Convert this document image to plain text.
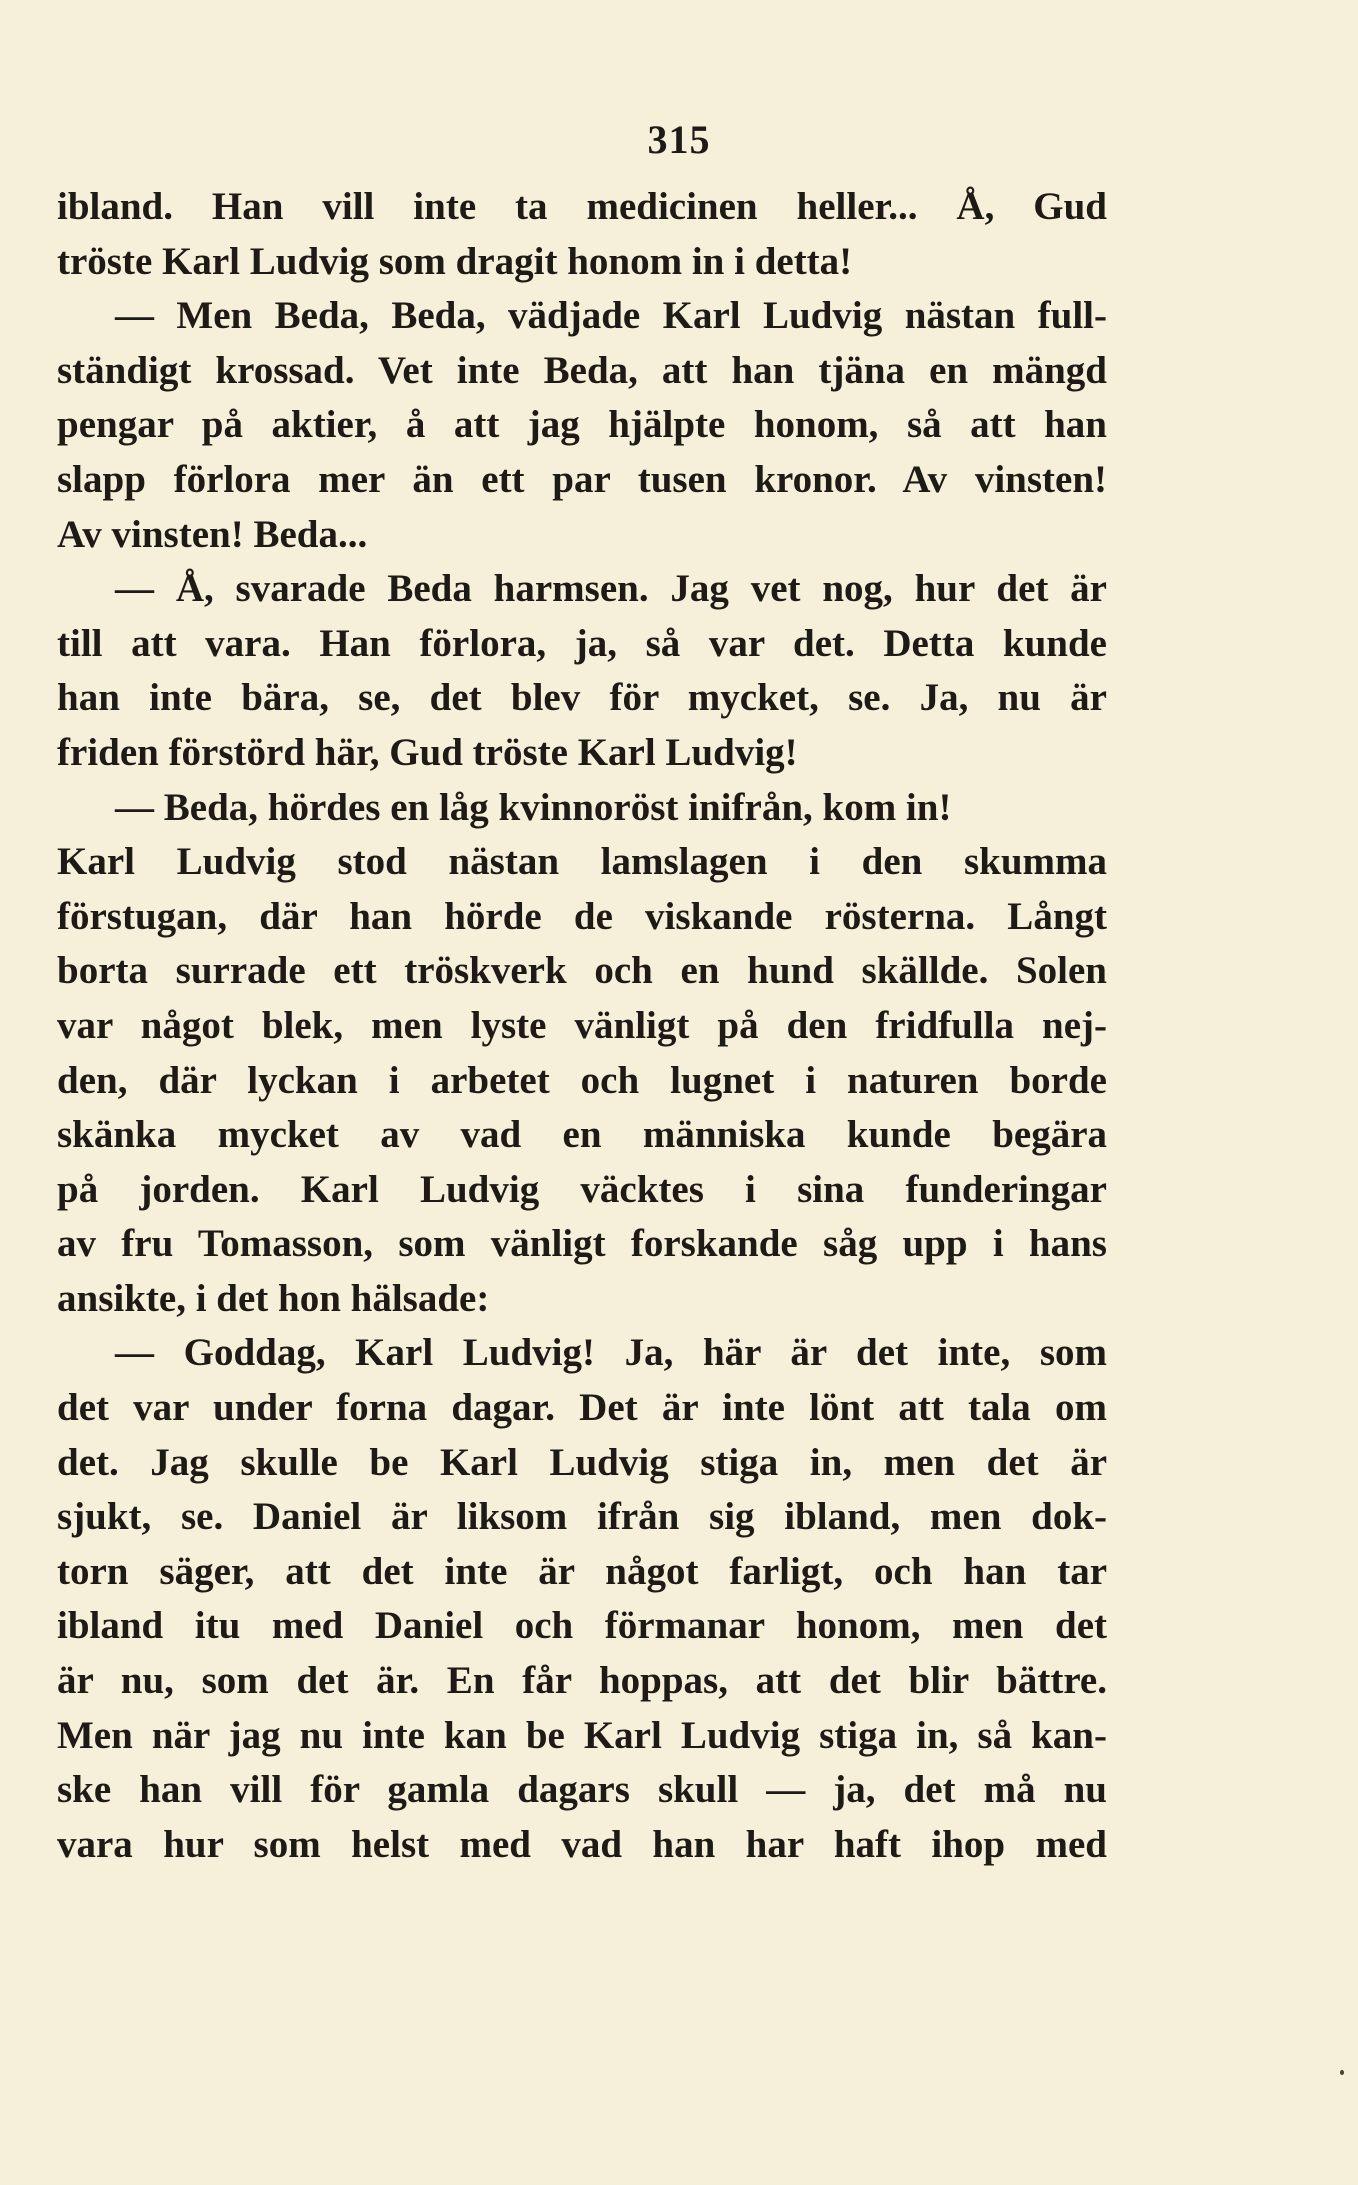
315
ibland. Han vill inte ta medicinen heller... Å, Gud
tröste Karl Ludvig som dragit honom in i detta!
— Men Beda, Beda, vädjade Karl Ludvig nästan full-
ständigt krossad. Vet inte Beda, att han tjäna en mängd
pengar på aktier, å att jag hjälpte honom, så att han
slapp förlora mer än ett par tusen kronor. Av vinsten!
Av vinsten! Beda...
— Å, svarade Beda harmsen. Jag vet nog, hur det är
till att vara. Han förlora, ja, så var det. Detta kunde
han inte bära, se, det blev för mycket, se. Ja, nu är
friden förstörd här, Gud tröste Karl Ludvig!
— Beda, hördes en låg kvinnoröst inifrån, kom in!
Karl Ludvig stod nästan lamslagen i den skumma
förstugan, där han hörde de viskande rösterna. Långt
borta surrade ett tröskverk och en hund skällde. Solen
var något blek, men lyste vänligt på den fridfulla nej-
den, där lyckan i arbetet och lugnet i naturen borde
skänka mycket av vad en människa kunde begära
på jorden. Karl Ludvig väcktes i sina funderingar
av fru Tomasson, som vänligt forskande såg upp i hans
ansikte, i det hon hälsade:
— Goddag, Karl Ludvig! Ja, här är det inte, som
det var under forna dagar. Det är inte lönt att tala om
det. Jag skulle be Karl Ludvig stiga in, men det är
sjukt, se. Daniel är liksom ifrån sig ibland, men dok-
torn säger, att det inte är något farligt, och han tar
ibland itu med Daniel och förmanar honom, men det
är nu, som det är. En får hoppas, att det blir bättre.
Men när jag nu inte kan be Karl Ludvig stiga in, så kan-
ske han vill för gamla dagars skull — ja, det må nu
vara hur som helst med vad han har haft ihop med
